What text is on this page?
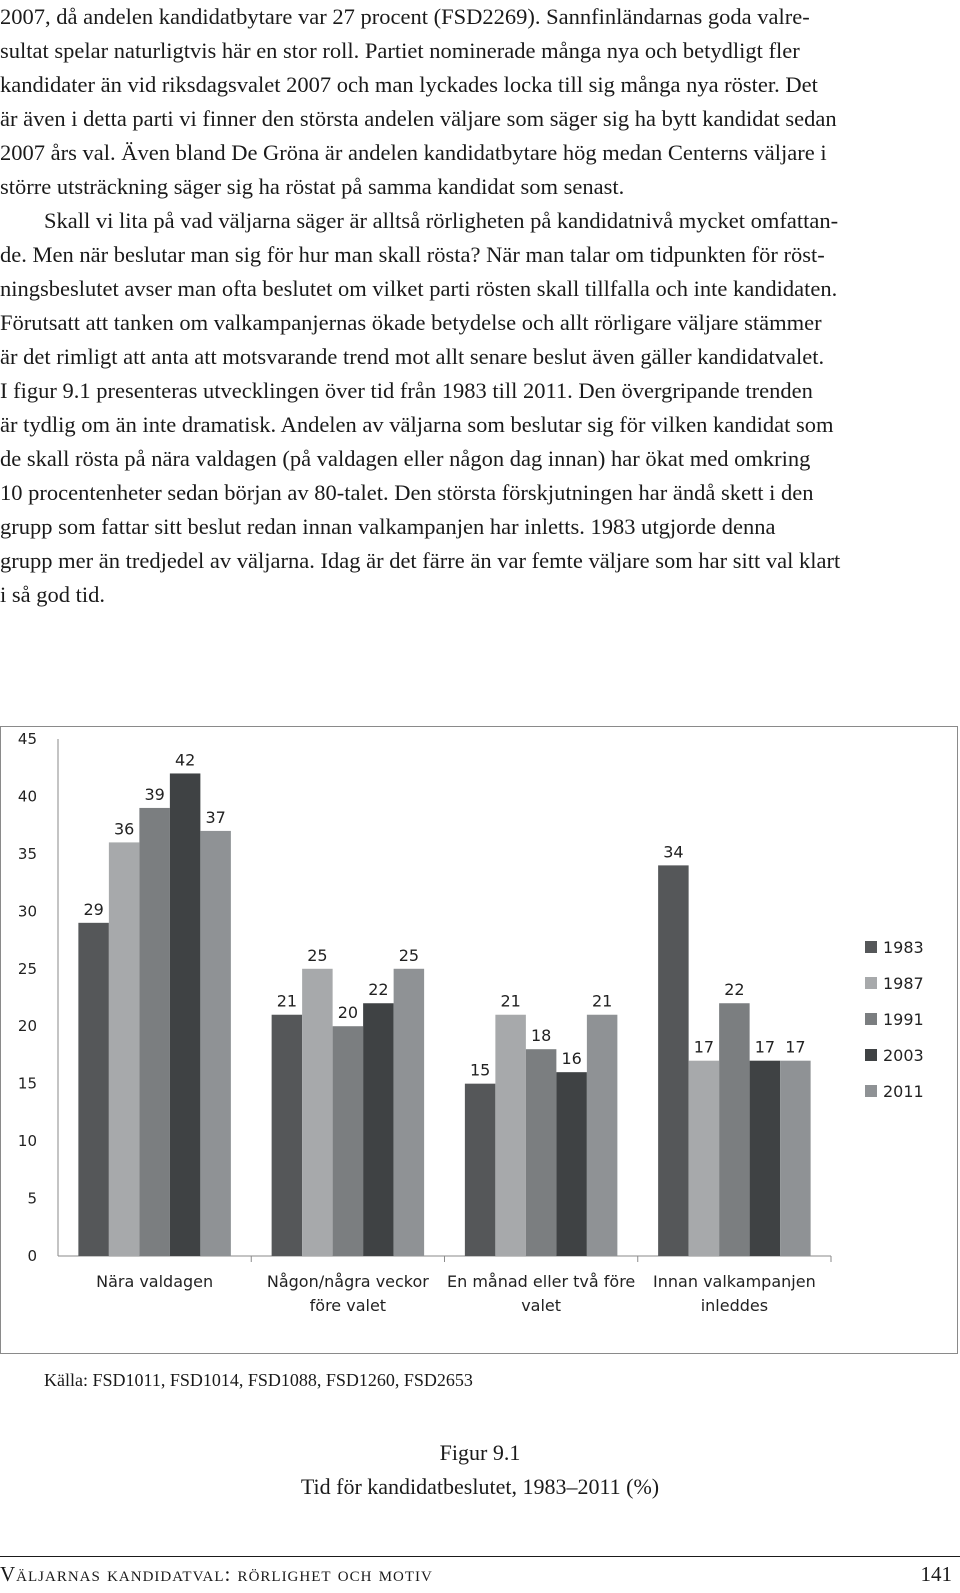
2007, då andelen kandidatbytare var 27 procent (FSD2269). Sannfinländarnas goda valre-
sultat spelar naturligtvis här en stor roll. Partiet nominerade många nya och betydligt fler
kandidater än vid riksdagsvalet 2007 och man lyckades locka till sig många nya röster. Det
är även i detta parti vi finner den största andelen väljare som säger sig ha bytt kandidat sedan
2007 års val. Även bland De Gröna är andelen kandidatbytare hög medan Centerns väljare i
större utsträckning säger sig ha röstat på samma kandidat som senast.
Skall vi lita på vad väljarna säger är alltså rörligheten på kandidatnivå mycket omfattan-
de. Men när beslutar man sig för hur man skall rösta? När man talar om tidpunkten för röst-
ningsbeslutet avser man ofta beslutet om vilket parti rösten skall tillfalla och inte kandidaten.
Förutsatt att tanken om valkampanjernas ökade betydelse och allt rörligare väljare stämmer
är det rimligt att anta att motsvarande trend mot allt senare beslut även gäller kandidatvalet.
I figur 9.1 presenteras utvecklingen över tid från 1983 till 2011. Den övergripande trenden
är tydlig om än inte dramatisk. Andelen av väljarna som beslutar sig för vilken kandidat som
de skall rösta på nära valdagen (på valdagen eller någon dag innan) har ökat med omkring
10 procentenheter sedan början av 80-talet. Den största förskjutningen har ändå skett i den
grupp som fattar sitt beslut redan innan valkampanjen har inletts. 1983 utgjorde denna
grupp mer än tredjedel av väljarna. Idag är det färre än var femte väljare som har sitt val klart
i så god tid.
0
5
10
15
20
25
30
35
40
45
29
36
39
42
37
Nära valdagen
21
25
20
22
25
Någon/några veckor
före valet
15
21
18
16
21
En månad eller två före
valet
34
17
22
17 17
Innan valkampanjen
inleddes
1983
1987
1991
2003
2011
Källa: FSD1011, FSD1014, FSD1088, FSD1260, FSD2653
Figur 9.1
Tid för kandidatbeslutet, 1983–2011 (%)
Väljarnas kandidatval: rörlighet och motiv	141
